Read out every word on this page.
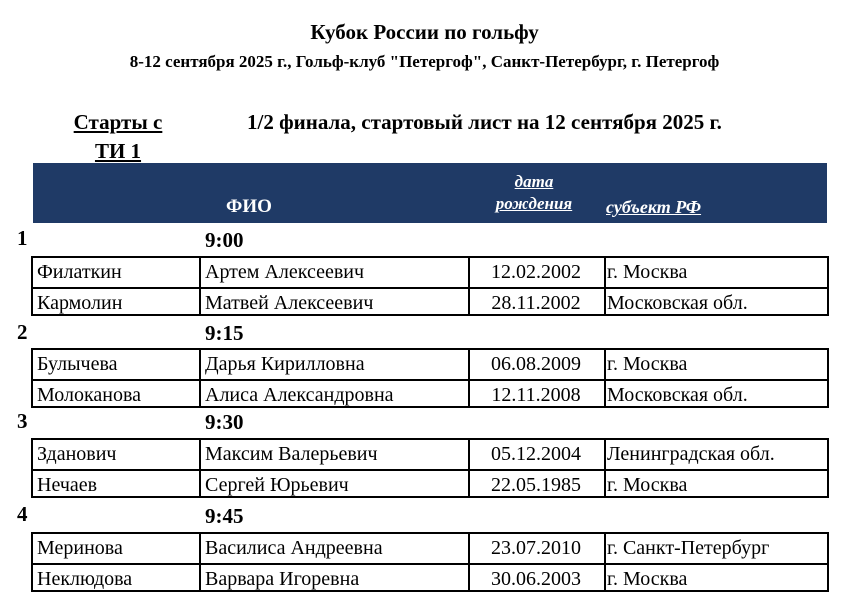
Кубок России по гольфу
8-12 сентября 2025 г., Гольф-клуб "Петергоф", Санкт-Петербург, г. Петергоф
Старты с
ТИ 1
1/2 финала, стартовый лист на 12 сентября 2025 г.
ФИО
дата
рождения	субъект РФ
1	9:00
Филаткин	Артем Алексеевич	12.02.2002	г. Москва
Кармолин	Матвей Алексеевич	28.11.2002	Московская обл.
2	9:15
Булычева	Дарья Кирилловна	06.08.2009	г. Москва
Молоканова	Алиса Александровна	12.11.2008	Московская обл.
3	9:30
Зданович	Максим Валерьевич	05.12.2004	Ленинградская обл.
Нечаев	Сергей Юрьевич	22.05.1985	г. Москва
4	9:45
Меринова	Василиса Андреевна	23.07.2010	г. Санкт-Петербург
Неклюдова	Варвара Игоревна	30.06.2003	г. Москва
